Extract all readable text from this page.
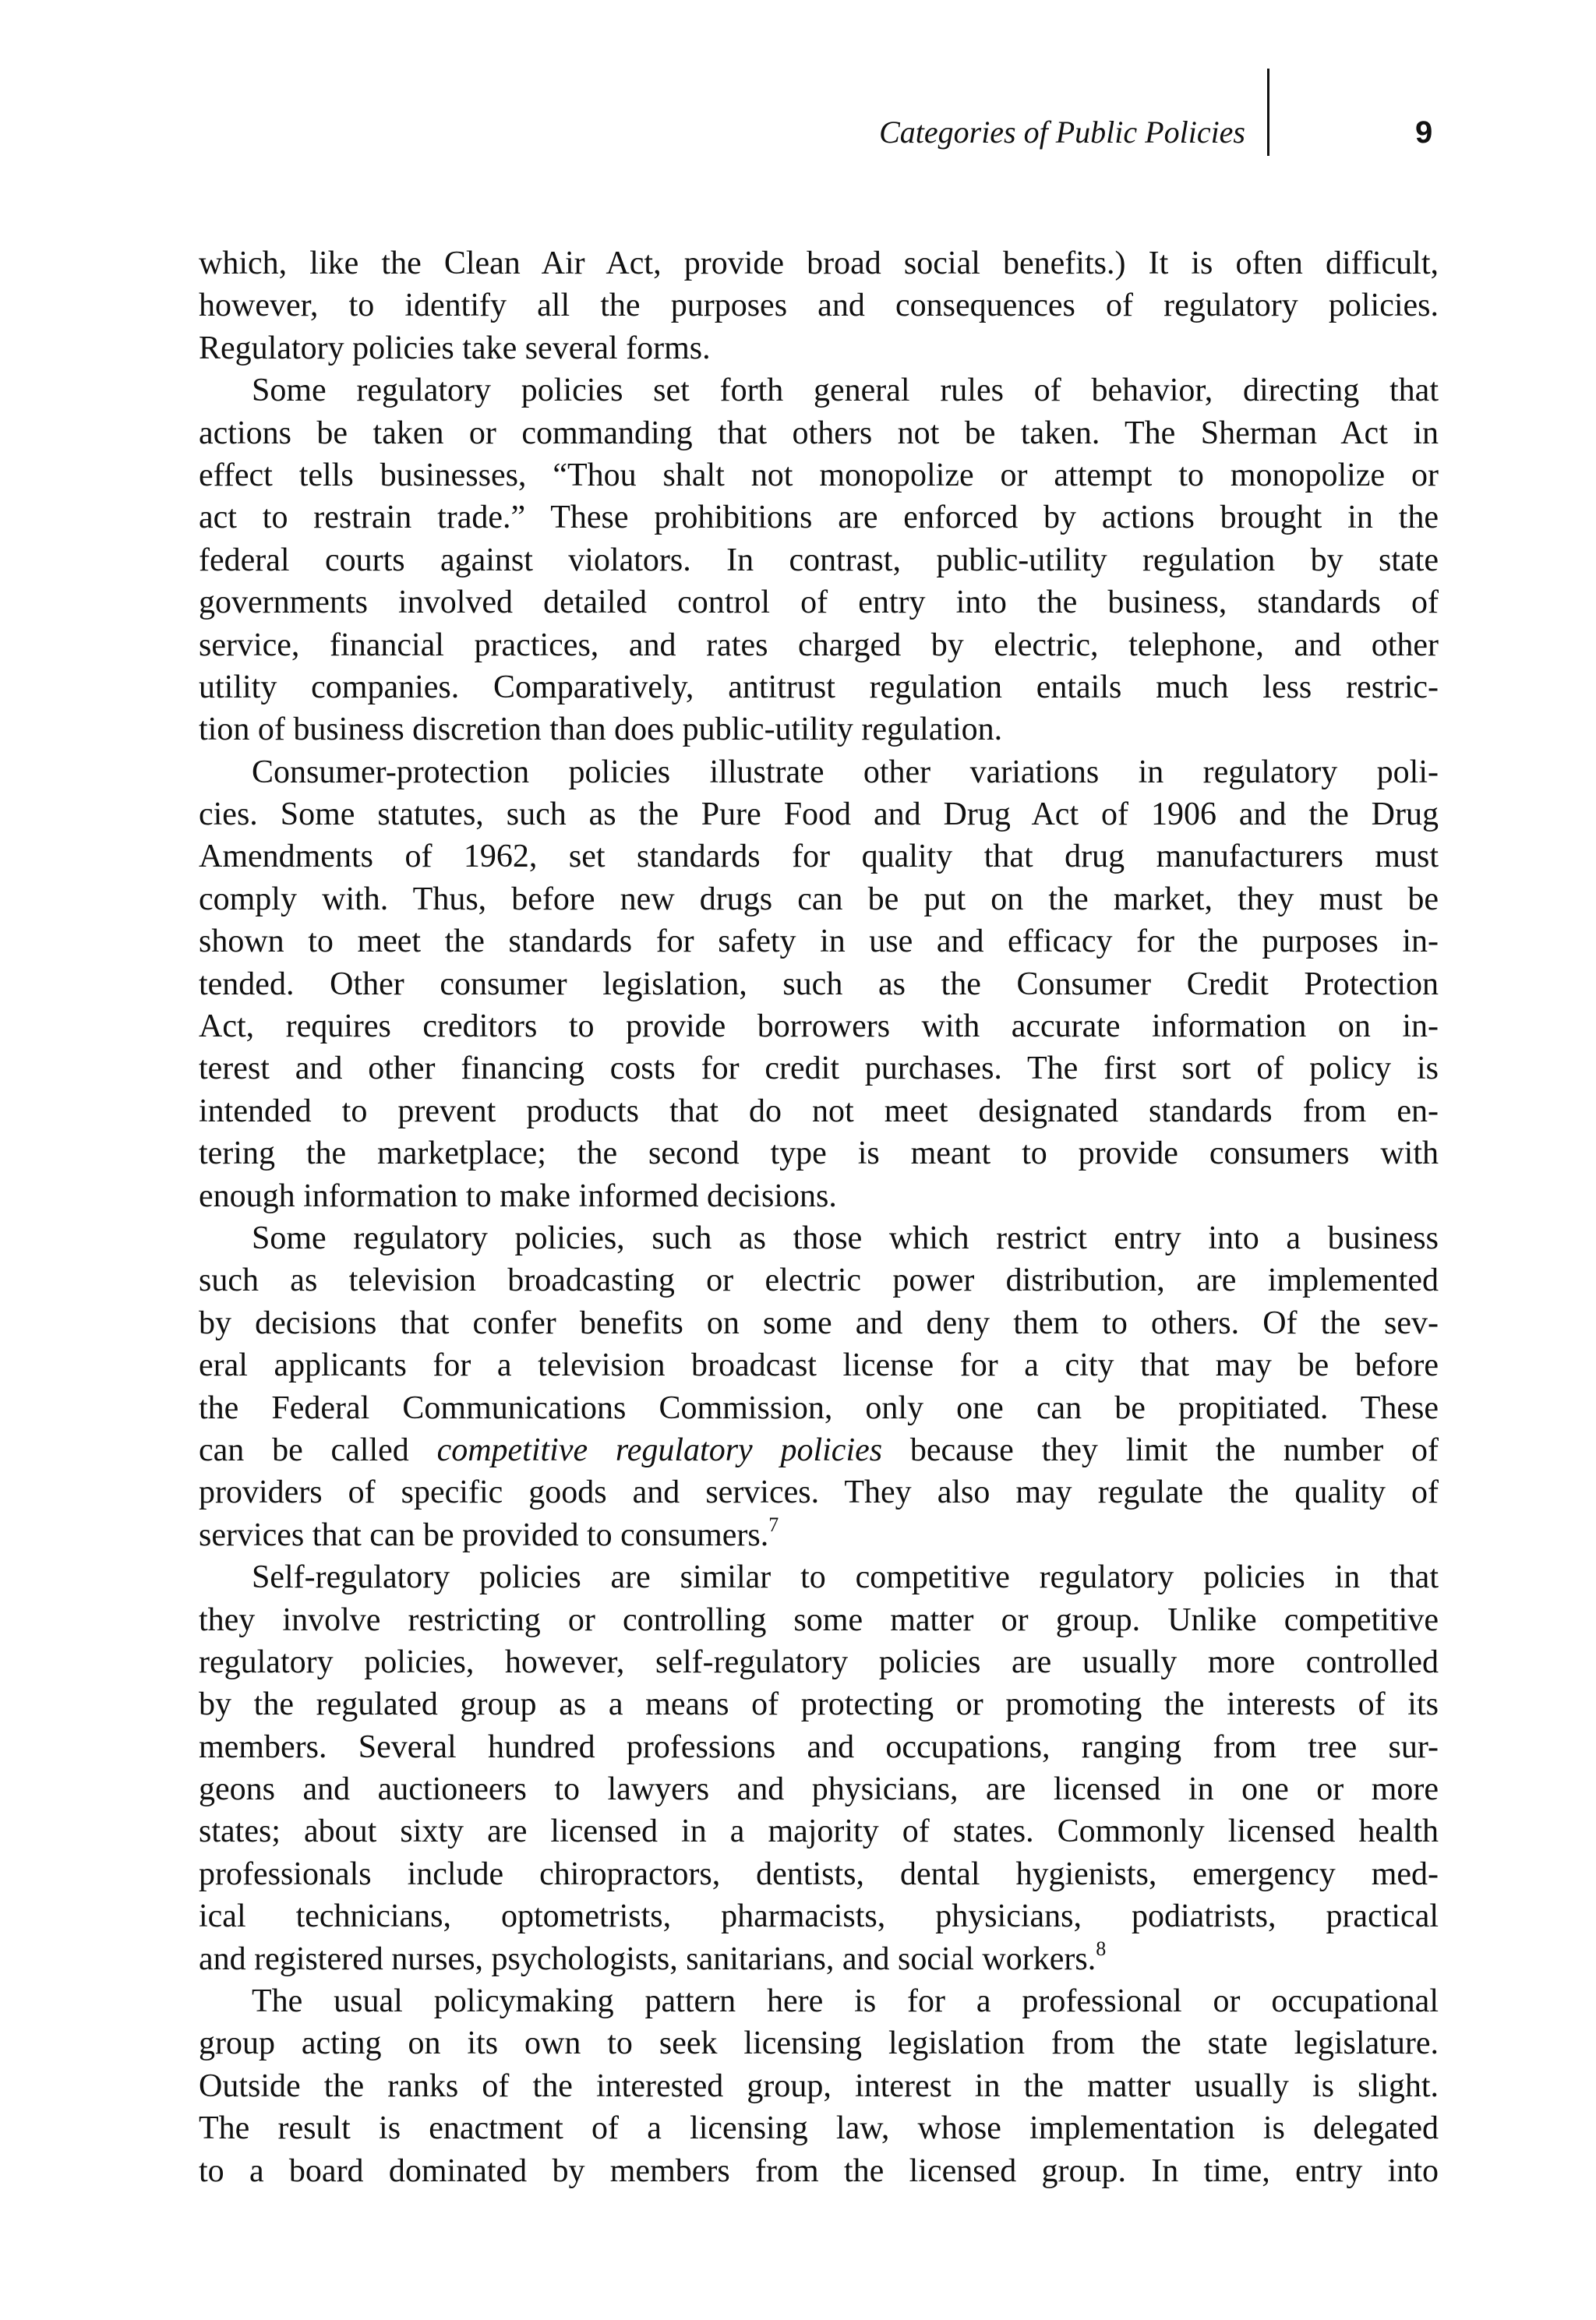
Categories of Public Policies	9
which, like the Clean Air Act, provide broad social benefits.) It is often difficult,
however, to identify all the purposes and consequences of regulatory policies.
Regulatory policies take several forms.
Some regulatory policies set forth general rules of behavior, directing that
actions be taken or commanding that others not be taken. The Sherman Act in
effect tells businesses, “Thou shalt not monopolize or attempt to monopolize or
act to restrain trade.” These prohibitions are enforced by actions brought in the
federal courts against violators. In contrast, public-utility regulation by state
governments involved detailed control of entry into the business, standards of
service, financial practices, and rates charged by electric, telephone, and other
utility companies. Comparatively, antitrust regulation entails much less restric-
tion of business discretion than does public-utility regulation.
Consumer-protection policies illustrate other variations in regulatory poli-
cies. Some statutes, such as the Pure Food and Drug Act of 1906 and the Drug
Amendments of 1962, set standards for quality that drug manufacturers must
comply with. Thus, before new drugs can be put on the market, they must be
shown to meet the standards for safety in use and efficacy for the purposes in-
tended. Other consumer legislation, such as the Consumer Credit Protection
Act, requires creditors to provide borrowers with accurate information on in-
terest and other financing costs for credit purchases. The first sort of policy is
intended to prevent products that do not meet designated standards from en-
tering the marketplace; the second type is meant to provide consumers with
enough information to make informed decisions.
Some regulatory policies, such as those which restrict entry into a business
such as television broadcasting or electric power distribution, are implemented
by decisions that confer benefits on some and deny them to others. Of the sev-
eral applicants for a television broadcast license for a city that may be before
the Federal Communications Commission, only one can be propitiated. These
can be called competitive regulatory policies because they limit the number of
providers of specific goods and services. They also may regulate the quality of
services that can be provided to consumers.$^7$
Self-regulatory policies are similar to competitive regulatory policies in that
they involve restricting or controlling some matter or group. Unlike competitive
regulatory policies, however, self-regulatory policies are usually more controlled
by the regulated group as a means of protecting or promoting the interests of its
members. Several hundred professions and occupations, ranging from tree sur-
geons and auctioneers to lawyers and physicians, are licensed in one or more
states; about sixty are licensed in a majority of states. Commonly licensed health
professionals include chiropractors, dentists, dental hygienists, emergency med-
ical technicians, optometrists, pharmacists, physicians, podiatrists, practical
and registered nurses, psychologists, sanitarians, and social workers.$^8$
The usual policymaking pattern here is for a professional or occupational
group acting on its own to seek licensing legislation from the state legislature.
Outside the ranks of the interested group, interest in the matter usually is slight.
The result is enactment of a licensing law, whose implementation is delegated
to a board dominated by members from the licensed group. In time, entry into
